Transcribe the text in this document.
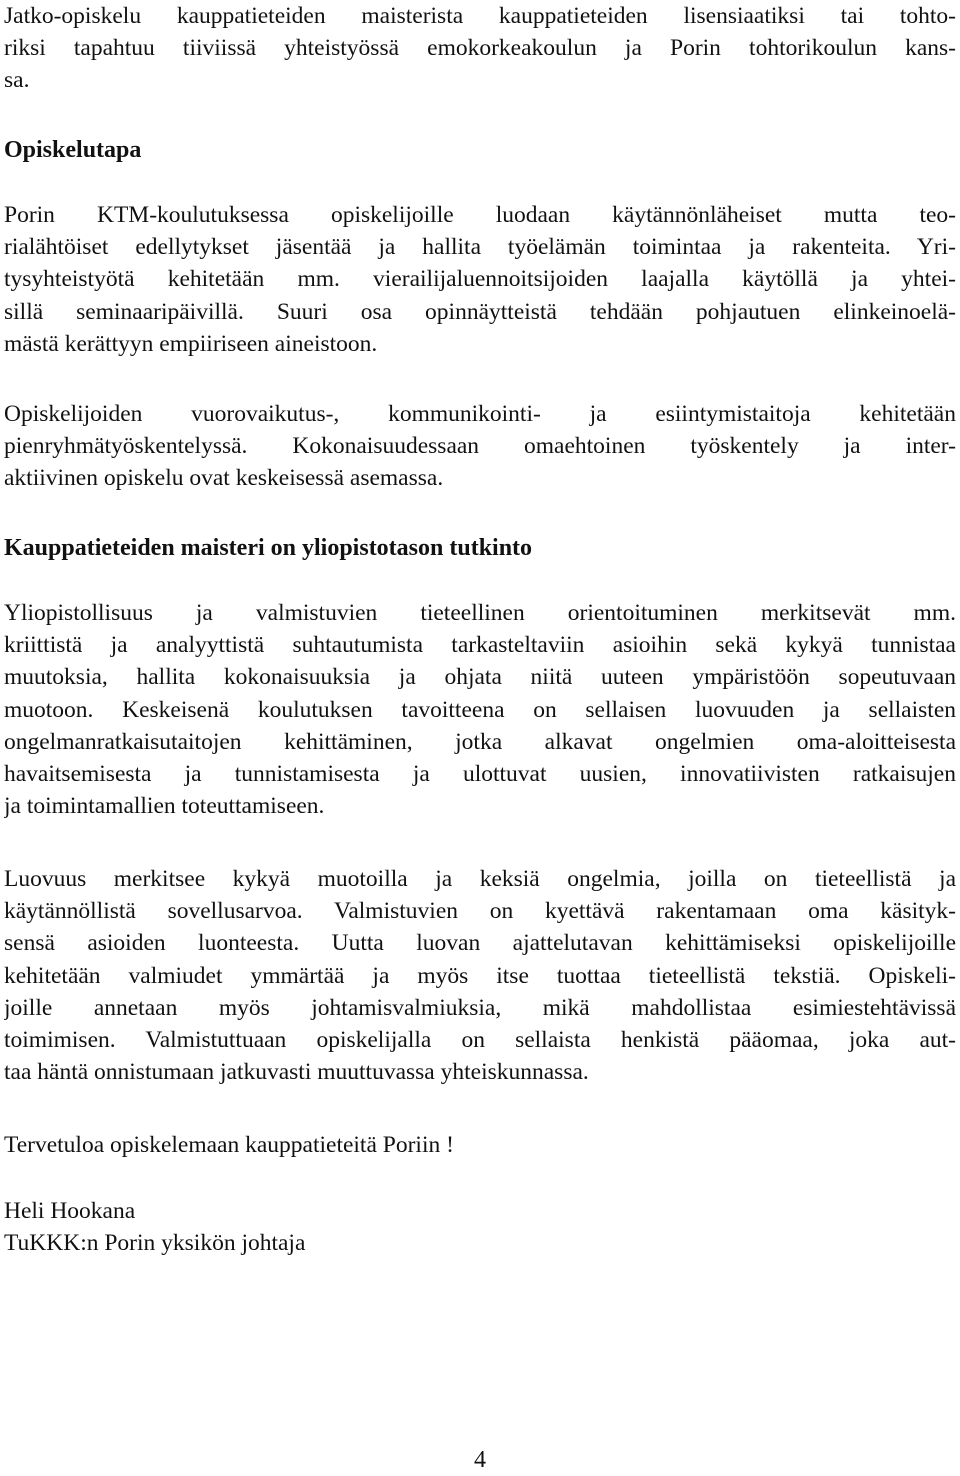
Jatko-opiskelu kauppatieteiden maisterista kauppatieteiden lisensiaatiksi tai tohto-
riksi tapahtuu tiiviissä yhteistyössä emokorkeakoulun ja Porin tohtorikoulun kans-
sa.
Opiskelutapa
Porin KTM-koulutuksessa opiskelijoille luodaan käytännönläheiset mutta teo-
rialähtöiset edellytykset jäsentää ja hallita työelämän toimintaa ja rakenteita. Yri-
tysyhteistyötä kehitetään mm. vierailijaluennoitsijoiden laajalla käytöllä ja yhtei-
sillä seminaaripäivillä. Suuri osa opinnäytteistä tehdään pohjautuen elinkeinoelä-
mästä kerättyyn empiiriseen aineistoon.
Opiskelijoiden vuorovaikutus-, kommunikointi- ja esiintymistaitoja kehitetään
pienryhmätyöskentelyssä. Kokonaisuudessaan omaehtoinen työskentely ja inter-
aktiivinen opiskelu ovat keskeisessä asemassa.
Kauppatieteiden maisteri on yliopistotason tutkinto
Yliopistollisuus ja valmistuvien tieteellinen orientoituminen merkitsevät mm.
kriittistä ja analyyttistä suhtautumista tarkasteltaviin asioihin sekä kykyä tunnistaa
muutoksia, hallita kokonaisuuksia ja ohjata niitä uuteen ympäristöön sopeutuvaan
muotoon. Keskeisenä koulutuksen tavoitteena on sellaisen luovuuden ja sellaisten
ongelmanratkaisutaitojen kehittäminen, jotka alkavat ongelmien oma-aloitteisesta
havaitsemisesta ja tunnistamisesta ja ulottuvat uusien, innovatiivisten ratkaisujen
ja toimintamallien toteuttamiseen.
Luovuus merkitsee kykyä muotoilla ja keksiä ongelmia, joilla on tieteellistä ja
käytännöllistä sovellusarvoa. Valmistuvien on kyettävä rakentamaan oma käsityk-
sensä asioiden luonteesta. Uutta luovan ajattelutavan kehittämiseksi opiskelijoille
kehitetään valmiudet ymmärtää ja myös itse tuottaa tieteellistä tekstiä. Opiskeli-
joille annetaan myös johtamisvalmiuksia, mikä mahdollistaa esimiestehtävissä
toimimisen. Valmistuttuaan opiskelijalla on sellaista henkistä pääomaa, joka aut-
taa häntä onnistumaan jatkuvasti muuttuvassa yhteiskunnassa.
Tervetuloa opiskelemaan kauppatieteitä Poriin !
Heli Hookana
TuKKK:n Porin yksikön johtaja
4
